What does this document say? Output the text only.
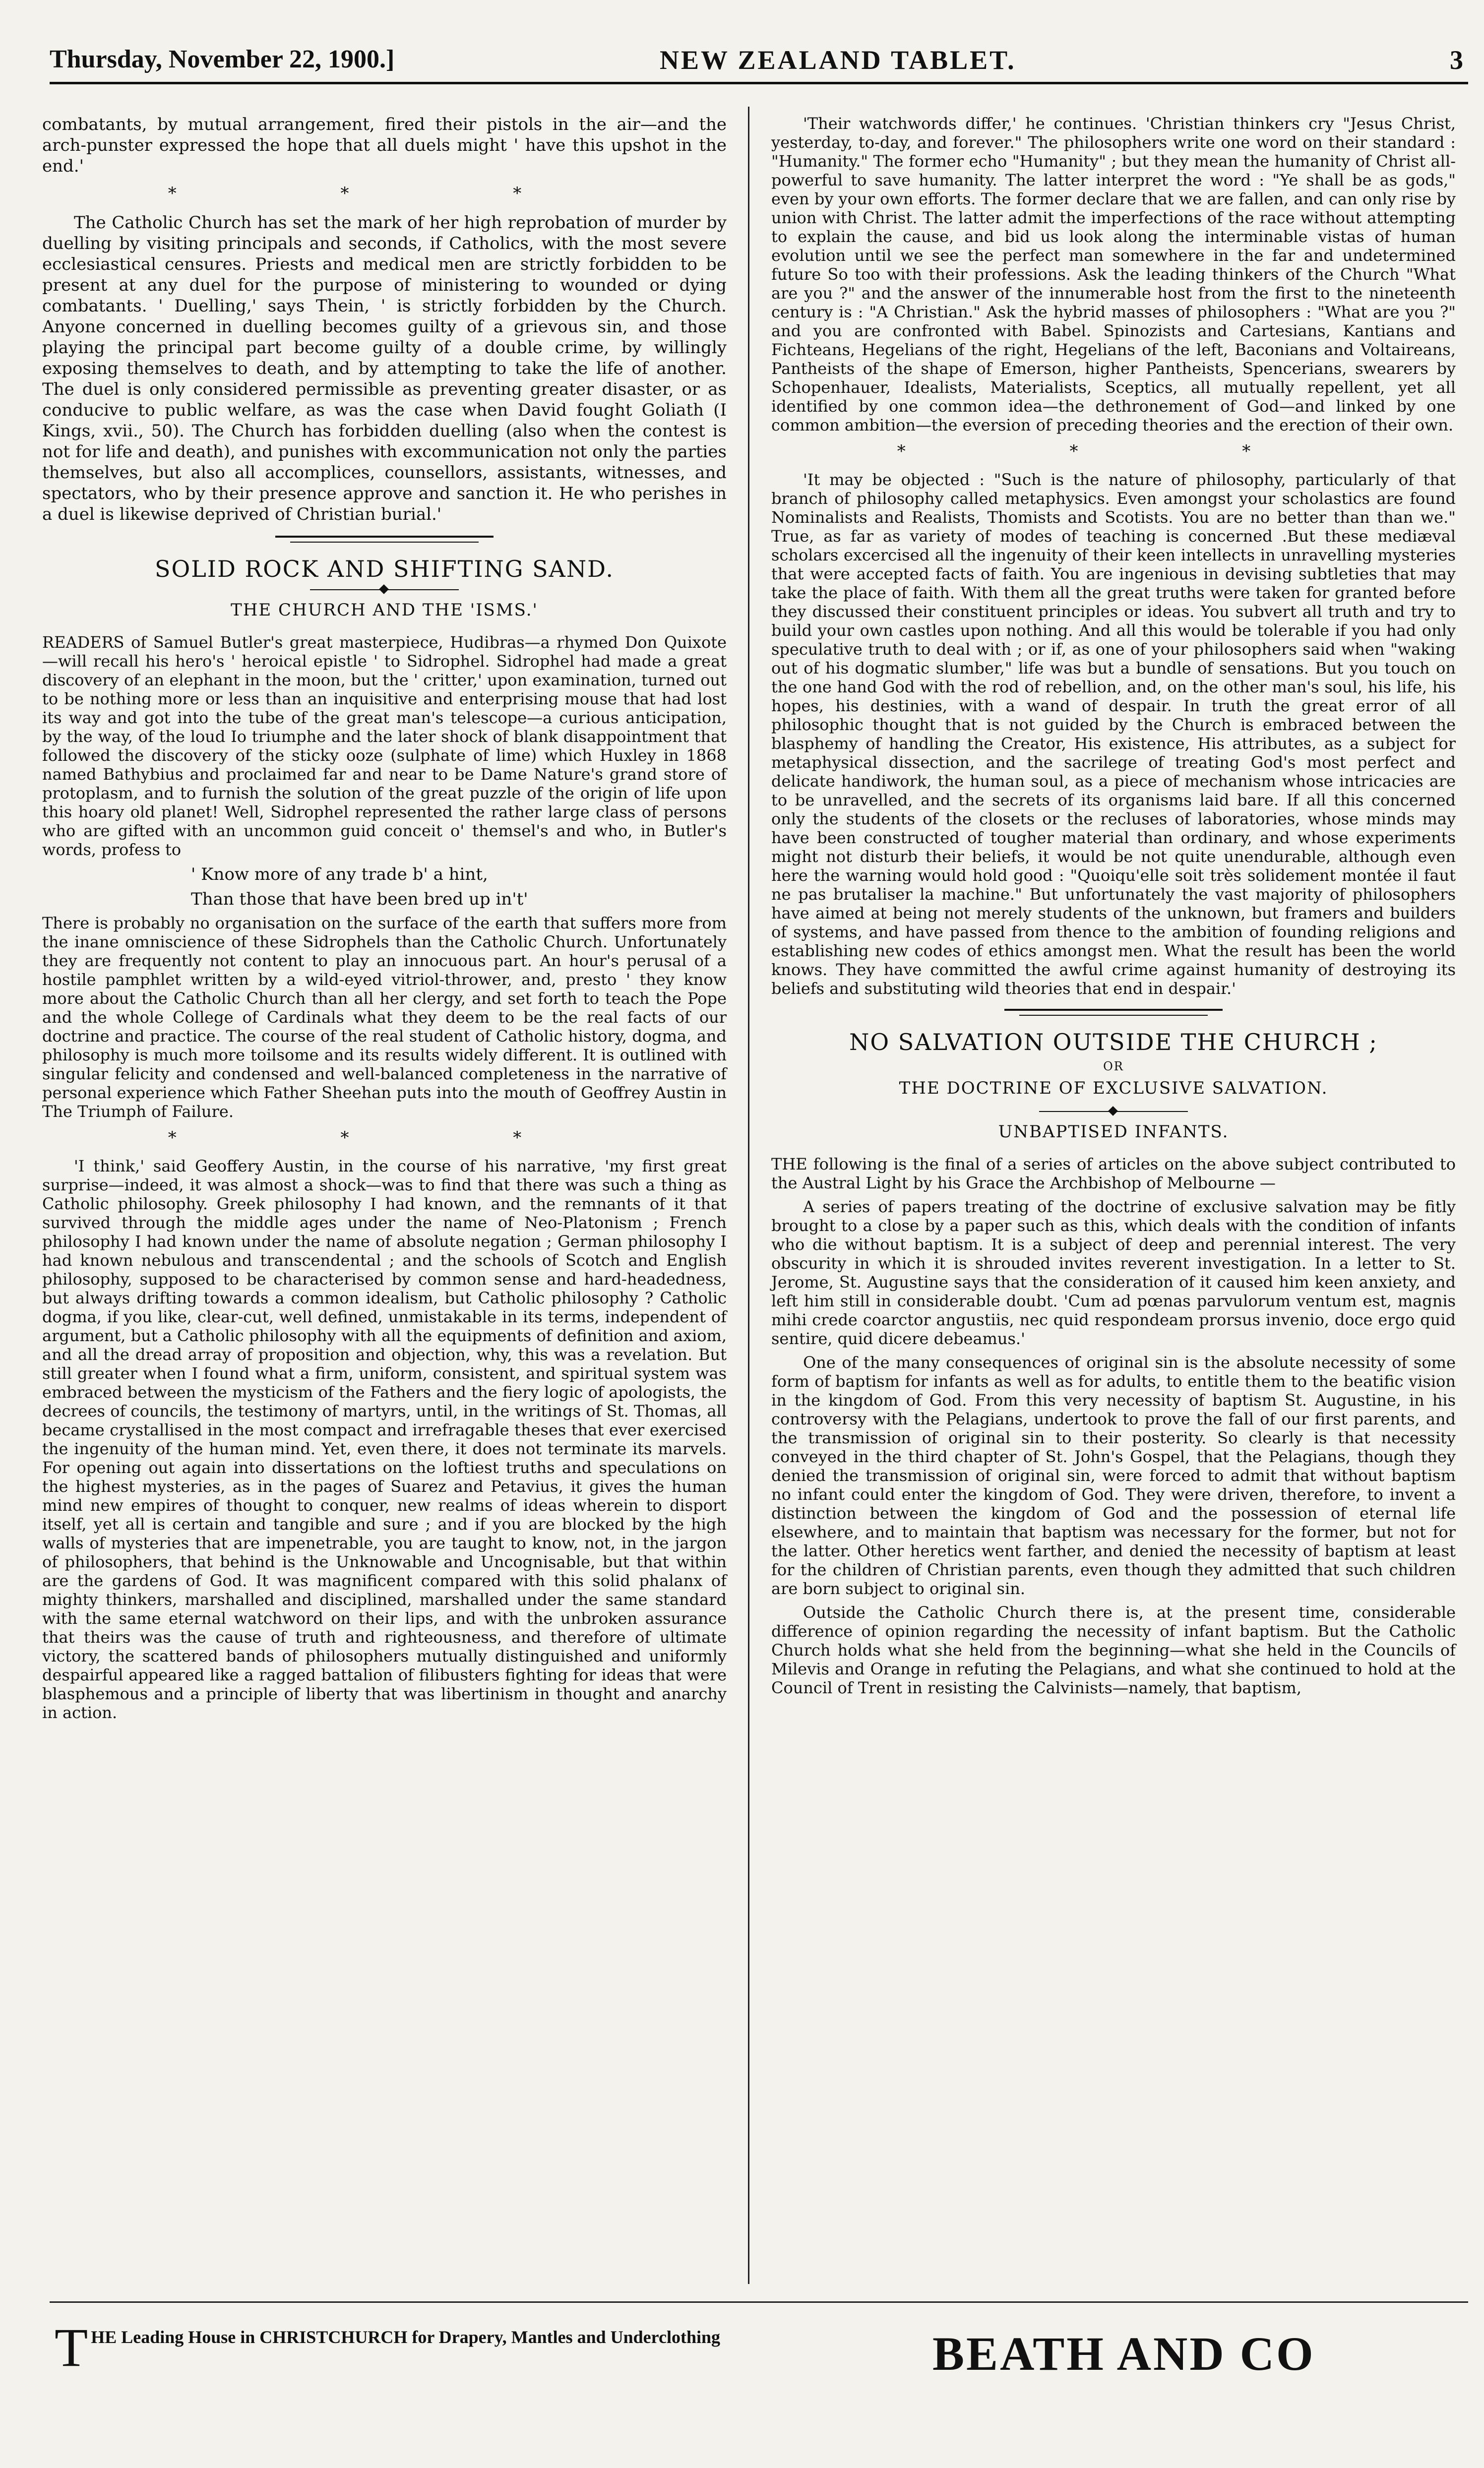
Thursday, November 22, 1900.]	NEW ZEALAND TABLET.	3

combatants, by mutual arrangement, fired their pistols in the air—and the arch-punster expressed the hope that all duels might ' have this upshot in the end.'

* * *

The Catholic Church has set the mark of her high reprobation of murder by duelling by visiting principals and seconds, if Catholics, with the most severe ecclesiastical censures. Priests and medical men are strictly forbidden to be present at any duel for the purpose of ministering to wounded or dying combatants. ' Duelling,' says Thein, ' is strictly forbidden by the Church. Anyone concerned in duelling becomes guilty of a grievous sin, and those playing the principal part become guilty of a double crime, by willingly exposing themselves to death, and by attempting to take the life of another. The duel is only considered permissible as preventing greater disaster, or as conducive to public welfare, as was the case when David fought Goliath (I Kings, xvii., 50). The Church has forbidden duelling (also when the contest is not for life and death), and punishes with excommunication not only the parties themselves, but also all accomplices, counsellors, assistants, witnesses, and spectators, who by their presence approve and sanction it. He who perishes in a duel is likewise deprived of Christian burial.'

SOLID ROCK AND SHIFTING SAND.
THE CHURCH AND THE 'ISMS.'

READERS of Samuel Butler's great masterpiece, Hudibras—a rhymed Don Quixote—will recall his hero's ' heroical epistle ' to Sidrophel. Sidrophel had made a great discovery of an elephant in the moon, but the ' critter,' upon examination, turned out to be nothing more or less than an inquisitive and enterprising mouse that had lost its way and got into the tube of the great man's telescope—a curious anticipation, by the way, of the loud Io triumphe and the later shock of blank disappointment that followed the discovery of the sticky ooze (sulphate of lime) which Huxley in 1868 named Bathybius and proclaimed far and near to be Dame Nature's grand store of protoplasm, and to furnish the solution of the great puzzle of the origin of life upon this hoary old planet! Well, Sidrophel represented the rather large class of persons who are gifted with an uncommon guid conceit o' themsel's and who, in Butler's words, profess to

' Know more of any trade b' a hint,
Than those that have been bred up in't'

There is probably no organisation on the surface of the earth that suffers more from the inane omniscience of these Sidrophels than the Catholic Church. Unfortunately they are frequently not content to play an innocuous part. An hour's perusal of a hostile pamphlet written by a wild-eyed vitriol-thrower, and, presto ' they know more about the Catholic Church than all her clergy, and set forth to teach the Pope and the whole College of Cardinals what they deem to be the real facts of our doctrine and practice. The course of the real student of Catholic history, dogma, and philosophy is much more toilsome and its results widely different. It is outlined with singular felicity and condensed and well-balanced completeness in the narrative of personal experience which Father Sheehan puts into the mouth of Geoffrey Austin in The Triumph of Failure.

* * *

'I think,' said Geoffery Austin, in the course of his narrative, 'my first great surprise—indeed, it was almost a shock—was to find that there was such a thing as Catholic philosophy. Greek philosophy I had known, and the remnants of it that survived through the middle ages under the name of Neo-Platonism ; French philosophy I had known under the name of absolute negation ; German philosophy I had known nebulous and transcendental ; and the schools of Scotch and English philosophy, supposed to be characterised by common sense and hard-headedness, but always drifting towards a common idealism, but Catholic philosophy ? Catholic dogma, if you like, clear-cut, well defined, unmistakable in its terms, independent of argument, but a Catholic philosophy with all the equipments of definition and axiom, and all the dread array of proposition and objection, why, this was a revelation. But still greater when I found what a firm, uniform, consistent, and spiritual system was embraced between the mysticism of the Fathers and the fiery logic of apologists, the decrees of councils, the testimony of martyrs, until, in the writings of St. Thomas, all became crystallised in the most compact and irrefragable theses that ever exercised the ingenuity of the human mind. Yet, even there, it does not terminate its marvels. For opening out again into dissertations on the loftiest truths and speculations on the highest mysteries, as in the pages of Suarez and Petavius, it gives the human mind new empires of thought to conquer, new realms of ideas wherein to disport itself, yet all is certain and tangible and sure ; and if you are blocked by the high walls of mysteries that are impenetrable, you are taught to know, not, in the jargon of philosophers, that behind is the Unknowable and Uncognisable, but that within are the gardens of God. It was magnificent compared with this solid phalanx of mighty thinkers, marshalled and disciplined, marshalled under the same standard with the same eternal watchword on their lips, and with the unbroken assurance that theirs was the cause of truth and righteousness, and therefore of ultimate victory, the scattered bands of philosophers mutually distinguished and uniformly despairful appeared like a ragged battalion of filibusters fighting for ideas that were blasphemous and a principle of liberty that was libertinism in thought and anarchy in action.

'Their watchwords differ,' he continues. 'Christian thinkers cry "Jesus Christ, yesterday, to-day, and forever." The philosophers write one word on their standard : "Humanity." The former echo "Humanity" ; but they mean the humanity of Christ all-powerful to save humanity. The latter interpret the word : "Ye shall be as gods," even by your own efforts. The former declare that we are fallen, and can only rise by union with Christ. The latter admit the imperfections of the race without attempting to explain the cause, and bid us look along the interminable vistas of human evolution until we see the perfect man somewhere in the far and undetermined future So too with their professions. Ask the leading thinkers of the Church "What are you ?" and the answer of the innumerable host from the first to the nineteenth century is : "A Christian." Ask the hybrid masses of philosophers : "What are you ?" and you are confronted with Babel. Spinozists and Cartesians, Kantians and Fichteans, Hegelians of the right, Hegelians of the left, Baconians and Voltaireans, Pantheists of the shape of Emerson, higher Pantheists, Spencerians, swearers by Schopenhauer, Idealists, Materialists, Sceptics, all mutually repellent, yet all identified by one common idea—the dethronement of God—and linked by one common ambition—the eversion of preceding theories and the erection of their own.

* * *

'It may be objected : "Such is the nature of philosophy, particularly of that branch of philosophy called metaphysics. Even amongst your scholastics are found Nominalists and Realists, Thomists and Scotists. You are no better than than we." True, as far as variety of modes of teaching is concerned .But these mediæval scholars excercised all the ingenuity of their keen intellects in unravelling mysteries that were accepted facts of faith. You are ingenious in devising subtleties that may take the place of faith. With them all the great truths were taken for granted before they discussed their constituent principles or ideas. You subvert all truth and try to build your own castles upon nothing. And all this would be tolerable if you had only speculative truth to deal with ; or if, as one of your philosophers said when "waking out of his dogmatic slumber," life was but a bundle of sensations. But you touch on the one hand God with the rod of rebellion, and, on the other man's soul, his life, his hopes, his destinies, with a wand of despair. In truth the great error of all philosophic thought that is not guided by the Church is embraced between the blasphemy of handling the Creator, His existence, His attributes, as a subject for metaphysical dissection, and the sacrilege of treating God's most perfect and delicate handiwork, the human soul, as a piece of mechanism whose intricacies are to be unravelled, and the secrets of its organisms laid bare. If all this concerned only the students of the closets or the recluses of laboratories, whose minds may have been constructed of tougher material than ordinary, and whose experiments might not disturb their beliefs, it would be not quite unendurable, although even here the warning would hold good : "Quoiqu'elle soit très solidement montée il faut ne pas brutaliser la machine." But unfortunately the vast majority of philosophers have aimed at being not merely students of the unknown, but framers and builders of systems, and have passed from thence to the ambition of founding religions and establishing new codes of ethics amongst men. What the result has been the world knows. They have committed the awful crime against humanity of destroying its beliefs and substituting wild theories that end in despair.'

NO SALVATION OUTSIDE THE CHURCH ;
OR
THE DOCTRINE OF EXCLUSIVE SALVATION.
UNBAPTISED INFANTS.

THE following is the final of a series of articles on the above subject contributed to the Austral Light by his Grace the Archbishop of Melbourne —

A series of papers treating of the doctrine of exclusive salvation may be fitly brought to a close by a paper such as this, which deals with the condition of infants who die without baptism. It is a subject of deep and perennial interest. The very obscurity in which it is shrouded invites reverent investigation. In a letter to St. Jerome, St. Augustine says that the consideration of it caused him keen anxiety, and left him still in considerable doubt. 'Cum ad pœnas parvulorum ventum est, magnis mihi crede coarctor angustiis, nec quid respondeam prorsus invenio, doce ergo quid sentire, quid dicere debeamus.'

One of the many consequences of original sin is the absolute necessity of some form of baptism for infants as well as for adults, to entitle them to the beatific vision in the kingdom of God. From this very necessity of baptism St. Augustine, in his controversy with the Pelagians, undertook to prove the fall of our first parents, and the transmission of original sin to their posterity. So clearly is that necessity conveyed in the third chapter of St. John's Gospel, that the Pelagians, though they denied the transmission of original sin, were forced to admit that without baptism no infant could enter the kingdom of God. They were driven, therefore, to invent a distinction between the kingdom of God and the possession of eternal life elsewhere, and to maintain that baptism was necessary for the former, but not for the latter. Other heretics went farther, and denied the necessity of baptism at least for the children of Christian parents, even though they admitted that such children are born subject to original sin.

Outside the Catholic Church there is, at the present time, considerable difference of opinion regarding the necessity of infant baptism. But the Catholic Church holds what she held from the beginning—what she held in the Councils of Milevis and Orange in refuting the Pelagians, and what she continued to hold at the Council of Trent in resisting the Calvinists—namely, that baptism,

T HE Leading House in CHRISTCHURCH for Drapery, Mantles and Underclothing	BEATH AND CO
